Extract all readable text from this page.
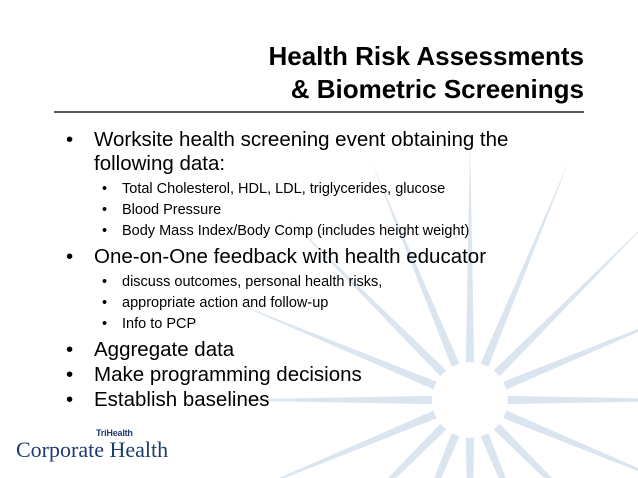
Health Risk Assessments
& Biometric Screenings
• Worksite health screening event obtaining the following data:
• Total Cholesterol, HDL, LDL, triglycerides, glucose
• Blood Pressure
• Body Mass Index/Body Comp (includes height weight)
• One-on-One feedback with health educator
• discuss outcomes, personal health risks,
• appropriate action and follow-up
• Info to PCP
• Aggregate data
• Make programming decisions
• Establish baselines
TriHealth
Corporate Health
